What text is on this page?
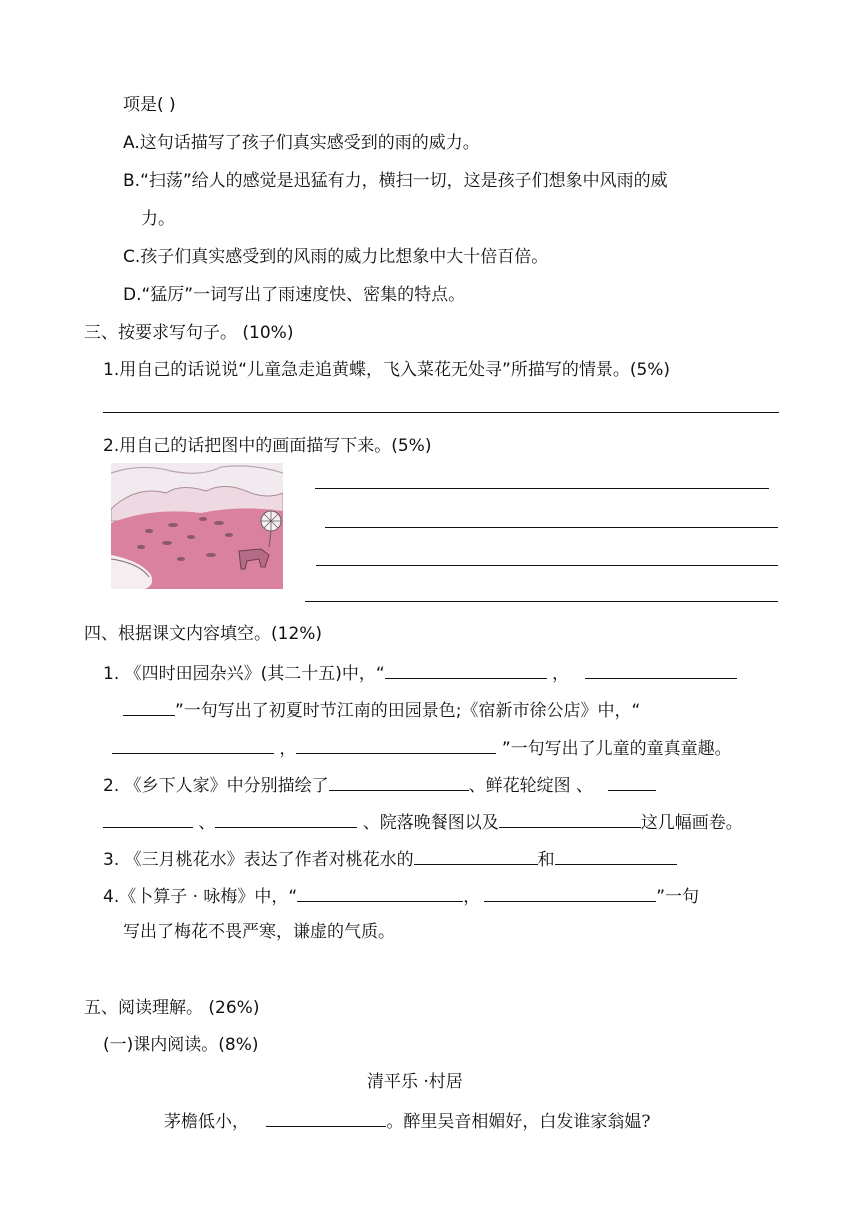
项是( )
A.这句话描写了孩子们真实感受到的雨的威力。
B.“扫荡”给人的感觉是迅猛有力，横扫一切，这是孩子们想象中风雨的威
力。
C.孩子们真实感受到的风雨的威力比想象中大十倍百倍。
D.“猛厉”一词写出了雨速度快、密集的特点。
三、按要求写句子。 (10%)
1.用自己的话说说“儿童急走追黄蝶，飞入菜花无处寻”所描写的情景。(5%)
2.用自己的话把图中的画面描写下来。(5%)
四、根据课文内容填空。(12%)
1. 《四时田园杂兴》(其二十五)中，“	，
”一句写出了初夏时节江南的田园景色;《宿新市徐公店》中，“
，	”一句写出了儿童的童真童趣。
2. 《乡下人家》中分别描绘了	、鲜花轮绽图 、
、	、院落晚餐图以及	这几幅画卷。
3. 《三月桃花水》表达了作者对桃花水的	和
4.《卜算子 · 咏梅》中，“	，	”一句
写出了梅花不畏严寒，谦虚的气质。
五、阅读理解。 (26%)
(一)课内阅读。(8%)
清平乐 ·村居
茅檐低小，	。醉里吴音相媚好，白发谁家翁媪?
